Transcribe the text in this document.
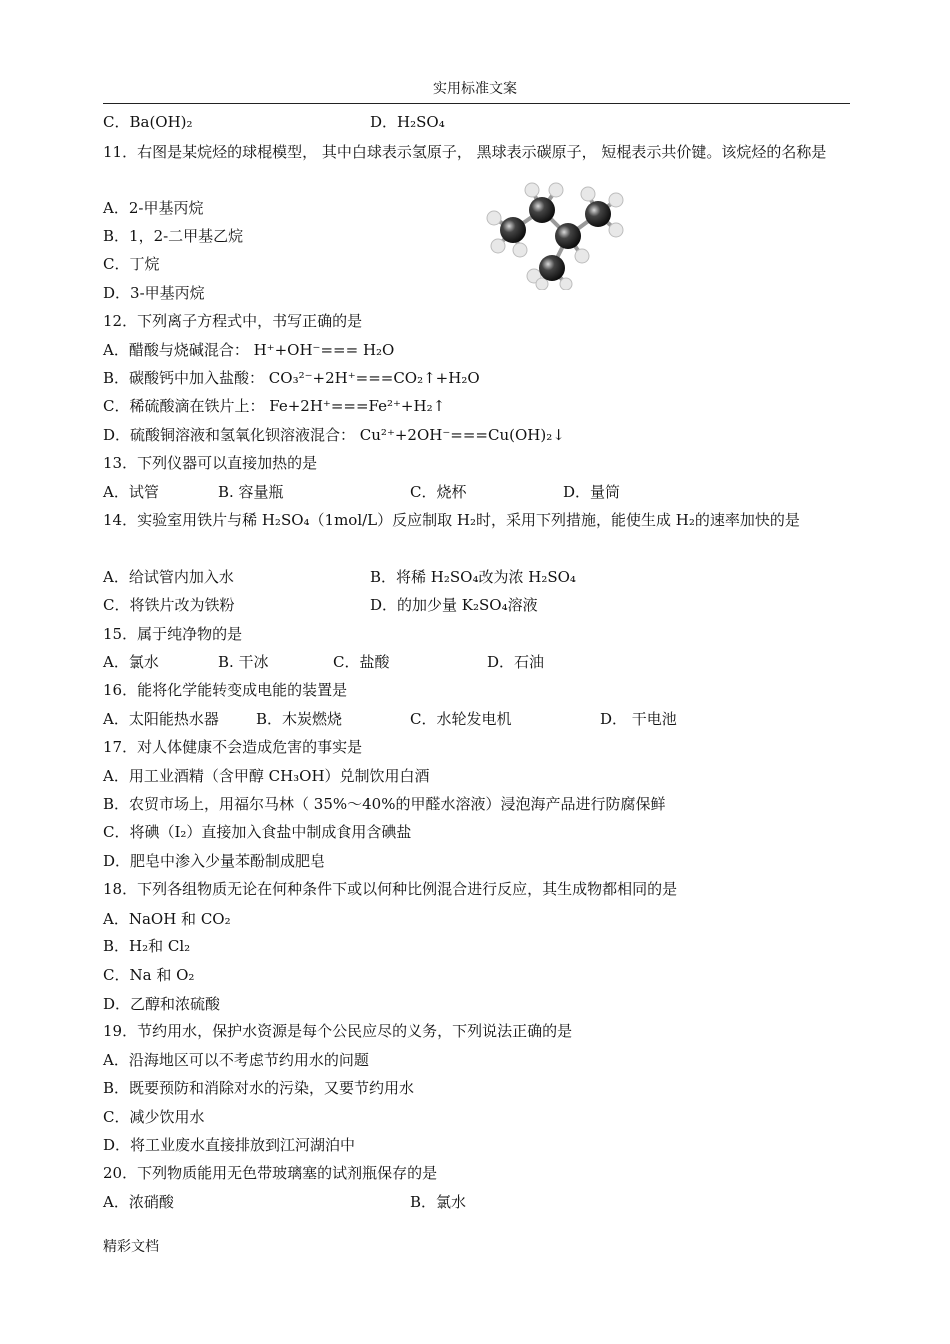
实用标准文案
C．Ba(OH)₂	D．H₂SO₄
11．右图是某烷烃的球棍模型， 其中白球表示氢原子， 黑球表示碳原子， 短棍表示共价键。该烷烃的名称是
A．2-甲基丙烷
B．1，2-二甲基乙烷
C．丁烷
D．3-甲基丙烷
12．下列离子方程式中，书写正确的是
A．醋酸与烧碱混合： H⁺+OH⁻=== H₂O
B．碳酸钙中加入盐酸： CO₃²⁻+2H⁺===CO₂↑+H₂O
C．稀硫酸滴在铁片上： Fe+2H⁺===Fe²⁺+H₂↑
D．硫酸铜溶液和氢氧化钡溶液混合： Cu²⁺+2OH⁻===Cu(OH)₂↓
13．下列仪器可以直接加热的是
A．试管	B. 容量瓶	C．烧杯	D．量筒
14．实验室用铁片与稀 H₂SO₄（1mol/L）反应制取 H₂时，采用下列措施，能使生成 H₂的速率加快的是
A．给试管内加入水	B．将稀 H₂SO₄改为浓 H₂SO₄
C．将铁片改为铁粉	D．的加少量 K₂SO₄溶液
15．属于纯净物的是
A．氯水	B. 干冰	C．盐酸	D．石油
16．能将化学能转变成电能的装置是
A．太阳能热水器 B．木炭燃烧	C．水轮发电机	D． 干电池
17．对人体健康不会造成危害的事实是
A．用工业酒精（含甲醇 CH₃OH）兑制饮用白酒
B．农贸市场上，用福尔马林（ 35%～40%的甲醛水溶液）浸泡海产品进行防腐保鲜
C．将碘（I₂）直接加入食盐中制成食用含碘盐
D．肥皂中渗入少量苯酚制成肥皂
18．下列各组物质无论在何种条件下或以何种比例混合进行反应，其生成物都相同的是
A．NaOH 和 CO₂
B．H₂和 Cl₂
C．Na 和 O₂
D．乙醇和浓硫酸
19．节约用水，保护水资源是每个公民应尽的义务，下列说法正确的是
A．沿海地区可以不考虑节约用水的问题
B．既要预防和消除对水的污染，又要节约用水
C．减少饮用水
D．将工业废水直接排放到江河湖泊中
20．下列物质能用无色带玻璃塞的试剂瓶保存的是
A．浓硝酸	B．氯水
精彩文档
